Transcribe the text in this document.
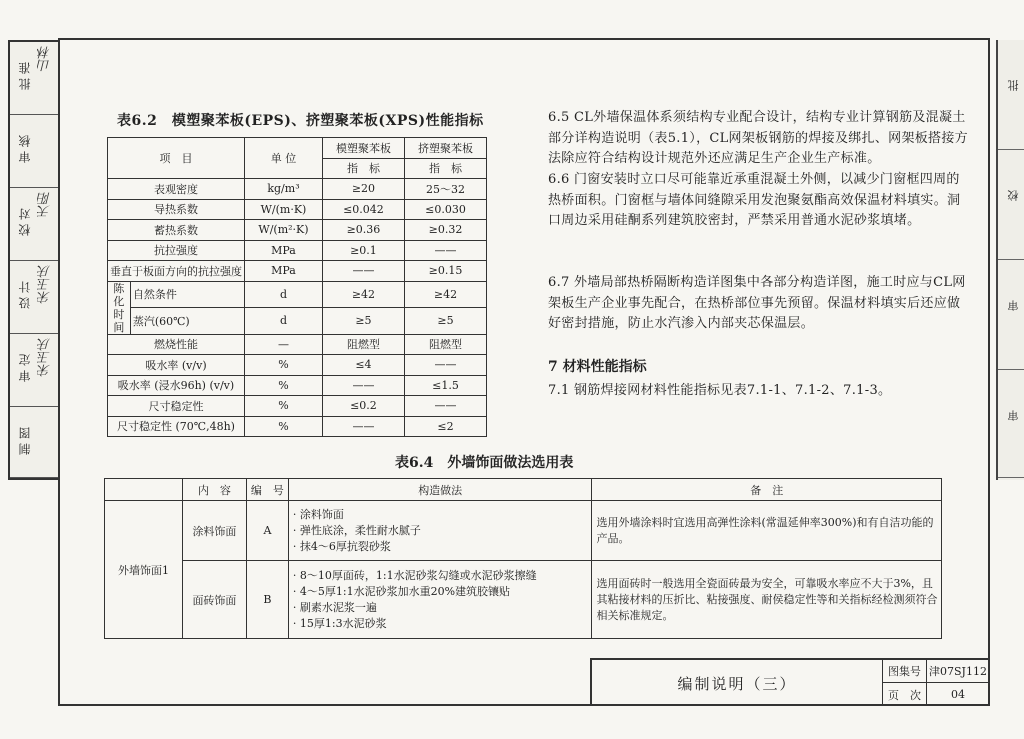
批 准
山林
审 核
校 对
天阳
设 计 宋玉庆
审 定 宋玉庆
制 图
批
校
审
审
表6.2　模塑聚苯板(EPS)、挤塑聚苯板(XPS)性能指标
项　目		单 位	模塑聚苯板	挤塑聚苯板
			指　标	指　标
表观密度		kg/m³	≥20	25～32
导热系数		W/(m·K)	≤0.042	≤0.030
蓄热系数		W/(m²·K)	≥0.36	≥0.32
抗拉强度		MPa	≥0.1	——
垂直于板面方向的抗拉强度		MPa	——	≥0.15
陈化时间	自然条件	d	≥42	≥42
	蒸汽(60℃)	d	≥5	≥5
燃烧性能		—	阻燃型	阻燃型
吸水率 (v/v)		%	≤4	——
吸水率 (浸水96h) (v/v)		%	——	≤1.5
尺寸稳定性		%	≤0.2	——
尺寸稳定性 (70℃,48h)		%	——	≤2
6.5 CL外墙保温体系须结构专业配合设计，结构专业计算钢筋及混凝土部分详构造说明（表5.1），CL网架板钢筋的焊接及绑扎、网架板搭接方法除应符合结构设计规范外还应满足生产企业生产标准。
6.6 门窗安装时立口尽可能靠近承重混凝土外侧，以减少门窗框四周的热桥面积。门窗框与墙体间缝隙采用发泡聚氨酯高效保温材料填实。洞口周边采用硅酮系列建筑胶密封，严禁采用普通水泥砂浆填堵。
6.7 外墙局部热桥隔断构造详图集中各部分构造详图，施工时应与CL网架板生产企业事先配合，在热桥部位事先预留。保温材料填实后还应做好密封措施，防止水汽渗入内部夹芯保温层。
7 材料性能指标
7.1 钢筋焊接网材料性能指标见表7.1-1、7.1-2、7.1-3。
表6.4　外墙饰面做法选用表
	内　容	编　号	构造做法	备　注
外墙饰面1	涂料饰面	A	· 涂料饰面
· 弹性底涂，柔性耐水腻子
· 抹4～6厚抗裂砂浆	选用外墙涂料时宜选用高弹性涂料(常温延伸率300%)和有自洁功能的产品。
	面砖饰面	B	· 8～10厚面砖，1:1水泥砂浆勾缝或水泥砂浆擦缝
· 4～5厚1:1水泥砂浆加水重20%建筑胶镶贴
· 刷素水泥浆一遍
· 15厚1:3水泥砂浆	选用面砖时一般选用全瓷面砖最为安全，可靠吸水率应不大于3%，且其粘接材料的压折比、粘接强度、耐侯稳定性等和关指标经检测须符合相关标准规定。
编制说明（三）
图集号 津07SJ112
页　次	04
